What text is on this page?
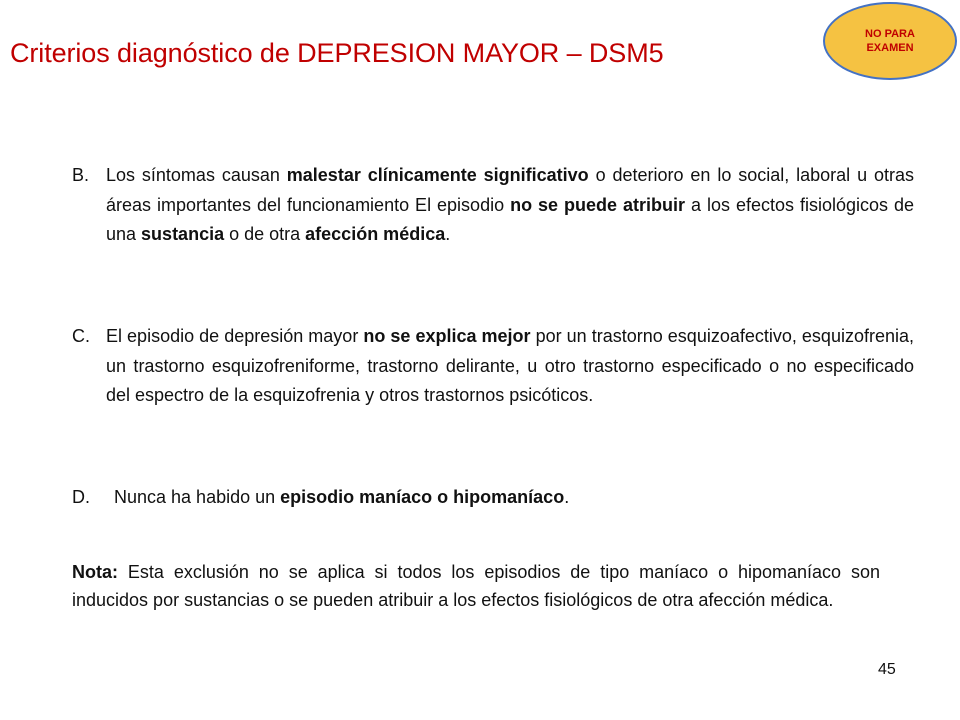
Criterios diagnóstico de DEPRESION MAYOR – DSM5
NO PARA
EXAMEN
B. Los síntomas causan malestar clínicamente significativo o deterioro en lo social, laboral u otras áreas importantes del funcionamiento El episodio no se puede atribuir a los efectos fisiológicos de una sustancia o de otra afección médica.
C. El episodio de depresión mayor no se explica mejor por un trastorno esquizoafectivo, esquizofrenia, un trastorno esquizofreniforme, trastorno delirante, u otro trastorno especificado o no especificado del espectro de la esquizofrenia y otros trastornos psicóticos.
D. Nunca ha habido un episodio maníaco o hipomaníaco.
Nota: Esta exclusión no se aplica si todos los episodios de tipo maníaco o hipomaníaco son inducidos por sustancias o se pueden atribuir a los efectos fisiológicos de otra afección médica.
45
